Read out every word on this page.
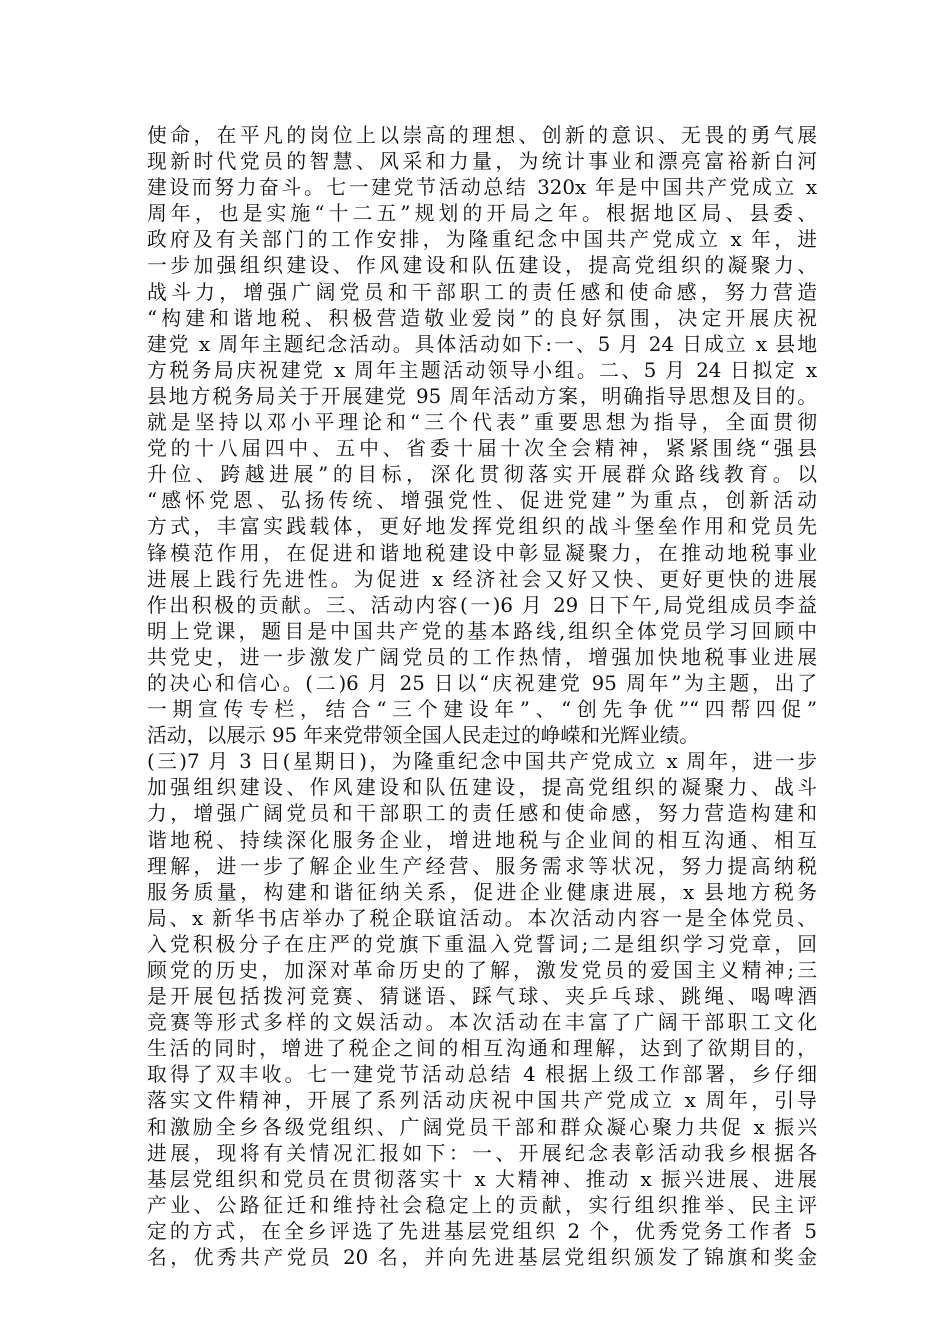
使命，在平凡的岗位上以崇高的理想、创新的意识、无畏的勇气展
现新时代党员的智慧、风采和力量，为统计事业和漂亮富裕新白河
建设而努力奋斗。七一建党节活动总结 320x 年是中国共产党成立 x
周年，也是实施“十二五”规划的开局之年。根据地区局、县委、
政府及有关部门的工作安排，为隆重纪念中国共产党成立 x 年，进
一步加强组织建设、作风建设和队伍建设，提高党组织的凝聚力、
战斗力，增强广阔党员和干部职工的责任感和使命感，努力营造
“构建和谐地税、积极营造敬业爱岗”的良好氛围，决定开展庆祝
建党 x 周年主题纪念活动。具体活动如下:一、5 月 24 日成立 x 县地
方税务局庆祝建党 x 周年主题活动领导小组。二、5 月 24 日拟定 x
县地方税务局关于开展建党 95 周年活动方案，明确指导思想及目的。
就是坚持以邓小平理论和“三个代表”重要思想为指导，全面贯彻
党的十八届四中、五中、省委十届十次全会精神，紧紧围绕“强县
升位、跨越进展”的目标，深化贯彻落实开展群众路线教育。以
“感怀党恩、弘扬传统、增强党性、促进党建”为重点，创新活动
方式，丰富实践载体，更好地发挥党组织的战斗堡垒作用和党员先
锋模范作用，在促进和谐地税建设中彰显凝聚力，在推动地税事业
进展上践行先进性。为促进 x 经济社会又好又快、更好更快的进展
作出积极的贡献。三、活动内容(一)6 月 29 日下午,局党组成员李益
明上党课，题目是中国共产党的基本路线,组织全体党员学习回顾中
共党史，进一步激发广阔党员的工作热情，增强加快地税事业进展
的决心和信心。(二)6 月 25 日以“庆祝建党 95 周年”为主题，出了
一期宣传专栏，结合“三个建设年”、“创先争优”“四帮四促”
活动，以展示 95 年来党带领全国人民走过的峥嵘和光辉业绩。
(三)7 月 3 日(星期日)，为隆重纪念中国共产党成立 x 周年，进一步
加强组织建设、作风建设和队伍建设，提高党组织的凝聚力、战斗
力，增强广阔党员和干部职工的责任感和使命感，努力营造构建和
谐地税、持续深化服务企业，增进地税与企业间的相互沟通、相互
理解，进一步了解企业生产经营、服务需求等状况，努力提高纳税
服务质量，构建和谐征纳关系，促进企业健康进展，x 县地方税务
局、x 新华书店举办了税企联谊活动。本次活动内容一是全体党员、
入党积极分子在庄严的党旗下重温入党誓词;二是组织学习党章，回
顾党的历史，加深对革命历史的了解，激发党员的爱国主义精神;三
是开展包括拨河竞赛、猜谜语、踩气球、夹乒乓球、跳绳、喝啤酒
竞赛等形式多样的文娱活动。本次活动在丰富了广阔干部职工文化
生活的同时，增进了税企之间的相互沟通和理解，达到了欲期目的，
取得了双丰收。七一建党节活动总结 4 根据上级工作部署，乡仔细
落实文件精神，开展了系列活动庆祝中国共产党成立 x 周年，引导
和激励全乡各级党组织、广阔党员干部和群众凝心聚力共促 x 振兴
进展，现将有关情况汇报如下：一、开展纪念表彰活动我乡根据各
基层党组织和党员在贯彻落实十 x 大精神、推动 x 振兴进展、进展
产业、公路征迁和维持社会稳定上的贡献，实行组织推举、民主评
定的方式，在全乡评选了先进基层党组织 2 个，优秀党务工作者 5
名，优秀共产党员 20 名，并向先进基层党组织颁发了锦旗和奖金
